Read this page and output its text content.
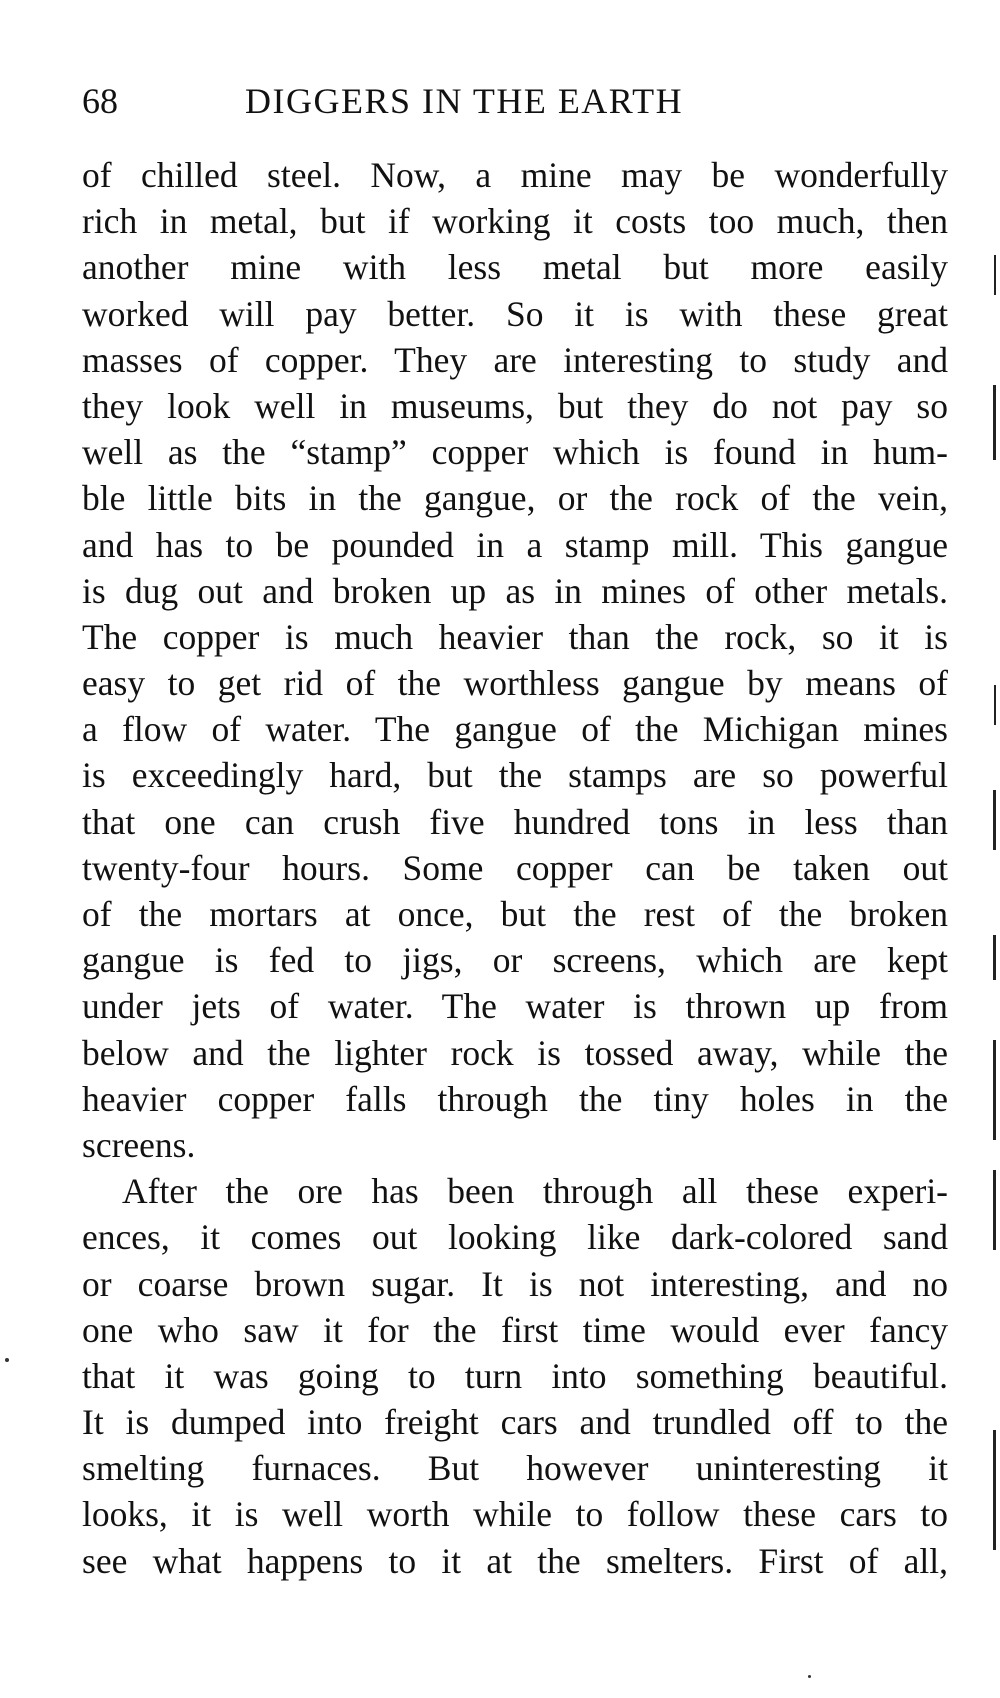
68	DIGGERS IN THE EARTH
of chilled steel. Now, a mine may be wonderfully
rich in metal, but if working it costs too much, then
another mine with less metal but more easily
worked will pay better. So it is with these great
masses of copper. They are interesting to study and
they look well in museums, but they do not pay so
well as the “stamp” copper which is found in hum-
ble little bits in the gangue, or the rock of the vein,
and has to be pounded in a stamp mill. This gangue
is dug out and broken up as in mines of other metals.
The copper is much heavier than the rock, so it is
easy to get rid of the worthless gangue by means of
a flow of water. The gangue of the Michigan mines
is exceedingly hard, but the stamps are so powerful
that one can crush five hundred tons in less than
twenty-four hours. Some copper can be taken out
of the mortars at once, but the rest of the broken
gangue is fed to jigs, or screens, which are kept
under jets of water. The water is thrown up from
below and the lighter rock is tossed away, while the
heavier copper falls through the tiny holes in the
screens.
After the ore has been through all these experi-
ences, it comes out looking like dark-colored sand
or coarse brown sugar. It is not interesting, and no
one who saw it for the first time would ever fancy
that it was going to turn into something beautiful.
It is dumped into freight cars and trundled off to the
smelting furnaces. But however uninteresting it
looks, it is well worth while to follow these cars to
see what happens to it at the smelters. First of all,
